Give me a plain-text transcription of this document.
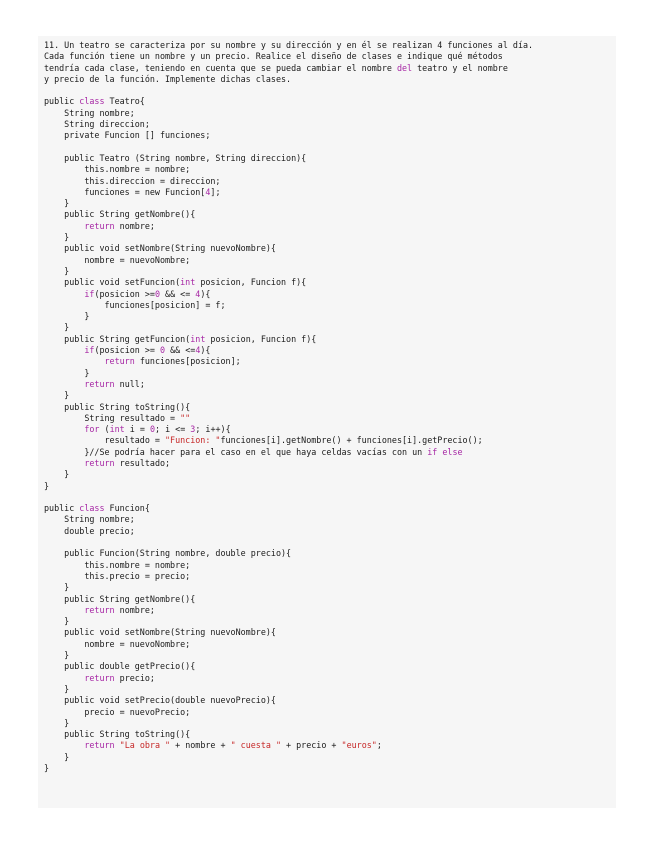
11. Un teatro se caracteriza por su nombre y su dirección y en él se realizan 4 funciones al día.
Cada función tiene un nombre y un precio. Realice el diseño de clases e indique qué métodos
tendría cada clase, teniendo en cuenta que se pueda cambiar el nombre del teatro y el nombre
y precio de la función. Implemente dichas clases.

public class Teatro{
String nombre;
String direccion;
private Funcion [] funciones;

public Teatro (String nombre, String direccion){
this.nombre = nombre;
this.direccion = direccion;
funciones = new Funcion[4];
}
public String getNombre(){
return nombre;
}
public void setNombre(String nuevoNombre){
nombre = nuevoNombre;
}
public void setFuncion(int posicion, Funcion f){
if(posicion >=0 && <= 4){
funciones[posicion] = f;
}
}
public String getFuncion(int posicion, Funcion f){
if(posicion >= 0 && <=4){
return funciones[posicion];
}
return null;
}
public String toString(){
String resultado = ""
for (int i = 0; i <= 3; i++){
resultado = "Funcion: "funciones[i].getNombre() + funciones[i].getPrecio();
}//Se podría hacer para el caso en el que haya celdas vacías con un if else
return resultado;
}
}

public class Funcion{
String nombre;
double precio;

public Funcion(String nombre, double precio){
this.nombre = nombre;
this.precio = precio;
}
public String getNombre(){
return nombre;
}
public void setNombre(String nuevoNombre){
nombre = nuevoNombre;
}
public double getPrecio(){
return precio;
}
public void setPrecio(double nuevoPrecio){
precio = nuevoPrecio;
}
public String toString(){
return "La obra " + nombre + " cuesta " + precio + "euros";
}
}
